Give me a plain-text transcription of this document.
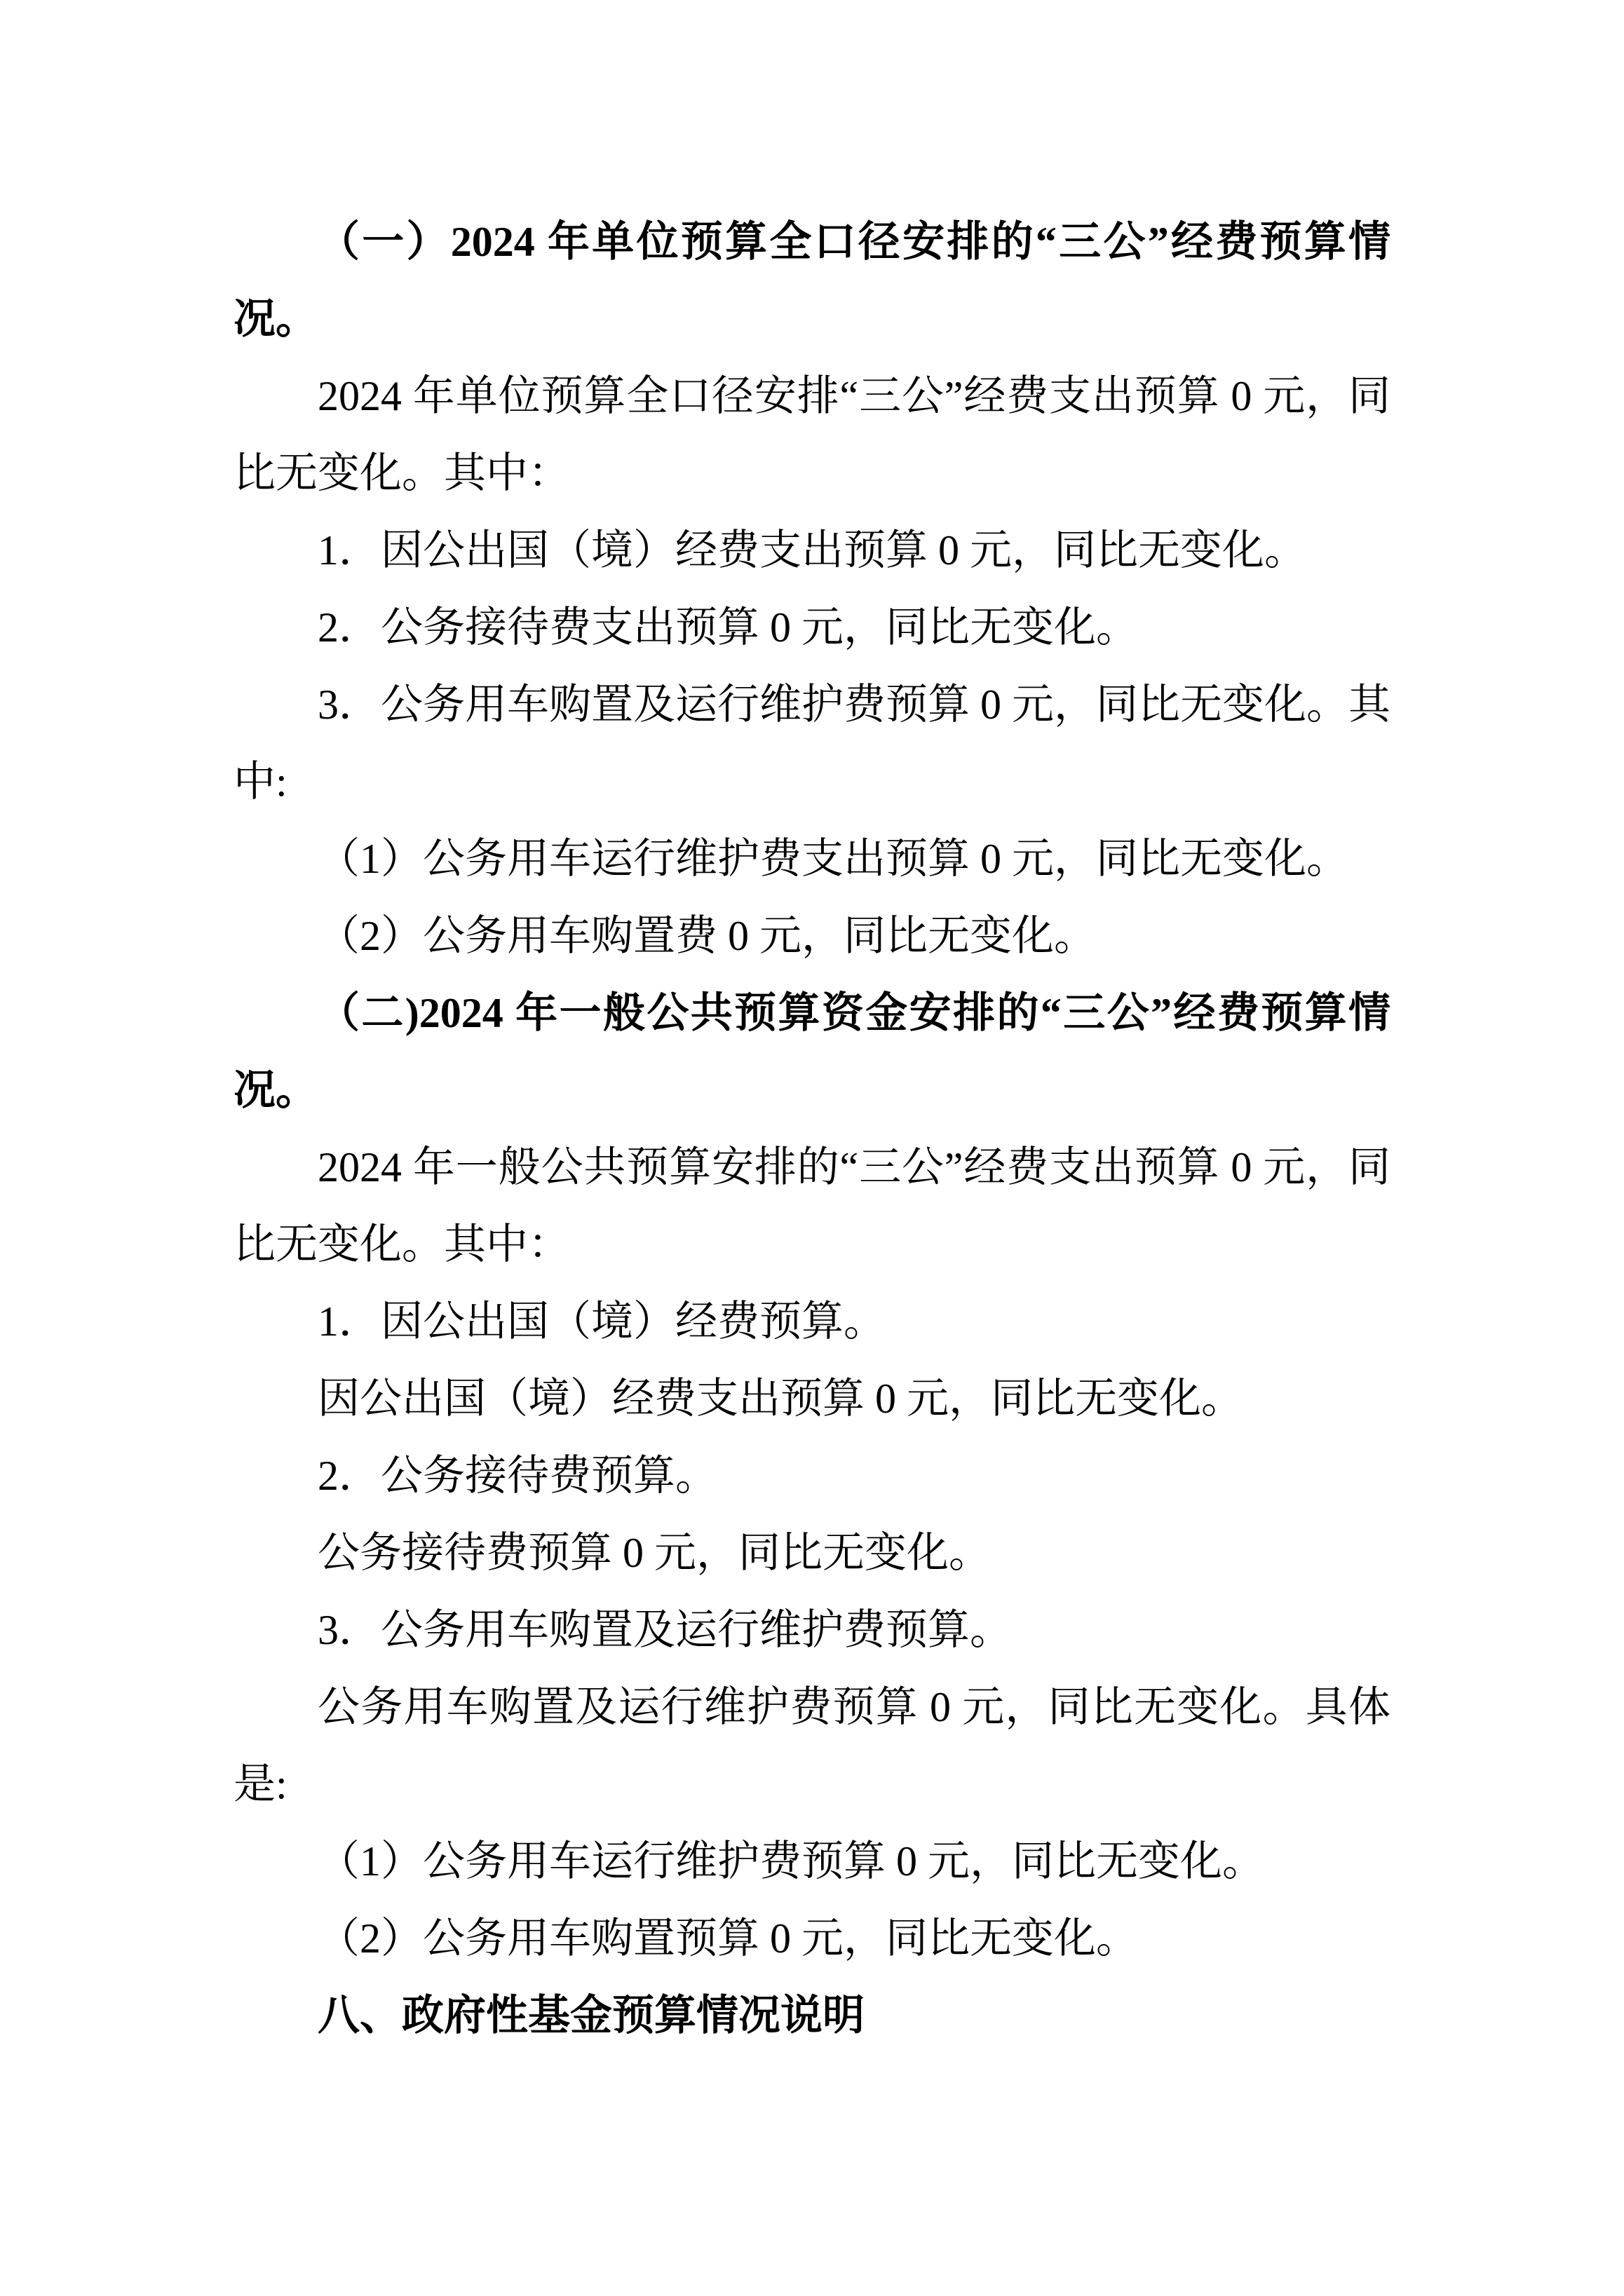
（一）2024 年单位预算全口径安排的“三公”经费预算情况。

2024 年单位预算全口径安排“三公”经费支出预算 0 元，同比无变化。其中：

1．因公出国（境）经费支出预算 0 元，同比无变化。

2．公务接待费支出预算 0 元，同比无变化。

3．公务用车购置及运行维护费预算 0 元，同比无变化。其中:

（1）公务用车运行维护费支出预算 0 元，同比无变化。

（2）公务用车购置费 0 元，同比无变化。

（二)2024 年一般公共预算资金安排的“三公”经费预算情况。

2024 年一般公共预算安排的“三公”经费支出预算 0 元，同比无变化。其中：

1．因公出国（境）经费预算。

因公出国（境）经费支出预算 0 元，同比无变化。

2．公务接待费预算。

公务接待费预算 0 元，同比无变化。

3．公务用车购置及运行维护费预算。

公务用车购置及运行维护费预算 0 元，同比无变化。具体是:

（1）公务用车运行维护费预算 0 元，同比无变化。

（2）公务用车购置预算 0 元，同比无变化。

八、政府性基金预算情况说明
